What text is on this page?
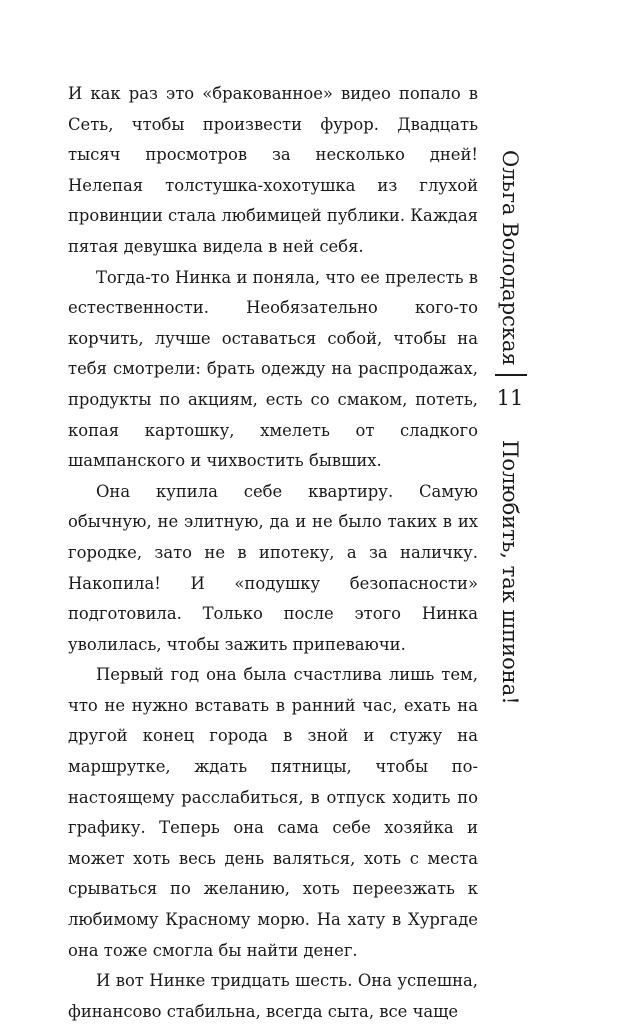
И как раз это «бракованное» видео попало в Сеть, чтобы произвести фурор. Двадцать тысяч просмотров за несколько дней! Нелепая толстушка-хохотушка из глухой провинции стала любимицей публики. Каждая пятая девушка видела в ней себя.

Тогда-то Нинка и поняла, что ее прелесть в естественности. Необязательно кого-то корчить, лучше оставаться собой, чтобы на тебя смотрели: брать одежду на распродажах, продукты по акциям, есть со смаком, потеть, копая картошку, хмелеть от сладкого шампанского и чихвостить бывших.

Она купила себе квартиру. Самую обычную, не элитную, да и не было таких в их городке, зато не в ипотеку, а за наличку. Накопила! И «подушку безопасности» подготовила. Только после этого Нинка уволилась, чтобы зажить припеваючи.

Первый год она была счастлива лишь тем, что не нужно вставать в ранний час, ехать на другой конец города в зной и стужу на маршрутке, ждать пятницы, чтобы по-настоящему расслабиться, в отпуск ходить по графику. Теперь она сама себе хозяйка и может хоть весь день валяться, хоть с места срываться по желанию, хоть переезжать к любимому Красному морю. На хату в Хургаде она тоже смогла бы найти денег.

И вот Нинке тридцать шесть. Она успешна, финансово стабильна, всегда сыта, все чаще

Ольга Володарская
11
Полюбить, так шпиона!
